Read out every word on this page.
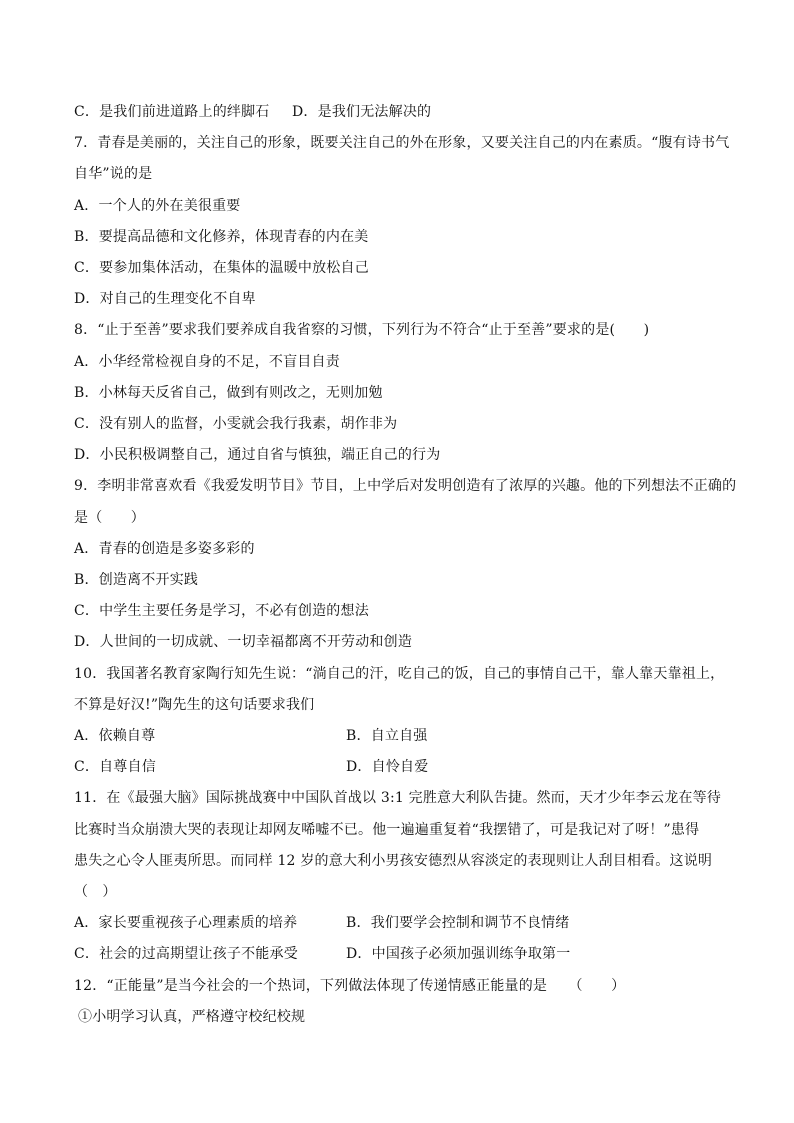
C．是我们前进道路上的绊脚石 D．是我们无法解决的
7．青春是美丽的，关注自己的形象，既要关注自己的外在形象，又要关注自己的内在素质。“腹有诗书气
自华”说的是
A．一个人的外在美很重要
B．要提高品德和文化修养，体现青春的内在美
C．要参加集体活动，在集体的温暖中放松自己
D．对自己的生理变化不自卑
8．“止于至善”要求我们要养成自我省察的习惯，下列行为不符合“止于至善”要求的是(　　)
A．小华经常检视自身的不足，不盲目自责
B．小林每天反省自己，做到有则改之，无则加勉
C．没有别人的监督，小雯就会我行我素，胡作非为
D．小民积极调整自己，通过自省与慎独，端正自己的行为
9．李明非常喜欢看《我爱发明节目》节目，上中学后对发明创造有了浓厚的兴趣。他的下列想法不正确的
是（　　）
A．青春的创造是多姿多彩的
B．创造离不开实践
C．中学生主要任务是学习，不必有创造的想法
D．人世间的一切成就、一切幸福都离不开劳动和创造
10．我国著名教育家陶行知先生说：“淌自己的汗，吃自己的饭，自己的事情自己干，靠人靠天靠祖上，
不算是好汉!”陶先生的这句话要求我们
A．依赖自尊	B．自立自强
C．自尊自信	D．自怜自爱
11．在《最强大脑》国际挑战赛中中国队首战以 3:1 完胜意大利队告捷。然而，天才少年李云龙在等待
比赛时当众崩溃大哭的表现让却网友唏嘘不已。他一遍遍重复着“我摆错了，可是我记对了呀！”患得
患失之心令人匪夷所思。而同样 12 岁的意大利小男孩安德烈从容淡定的表现则让人刮目相看。这说明
（　）
A．家长要重视孩子心理素质的培养	B．我们要学会控制和调节不良情绪
C．社会的过高期望让孩子不能承受	D．中国孩子必须加强训练争取第一
12．“正能量”是当今社会的一个热词，下列做法体现了传递情感正能量的是　　（　　）
①小明学习认真，严格遵守校纪校规
